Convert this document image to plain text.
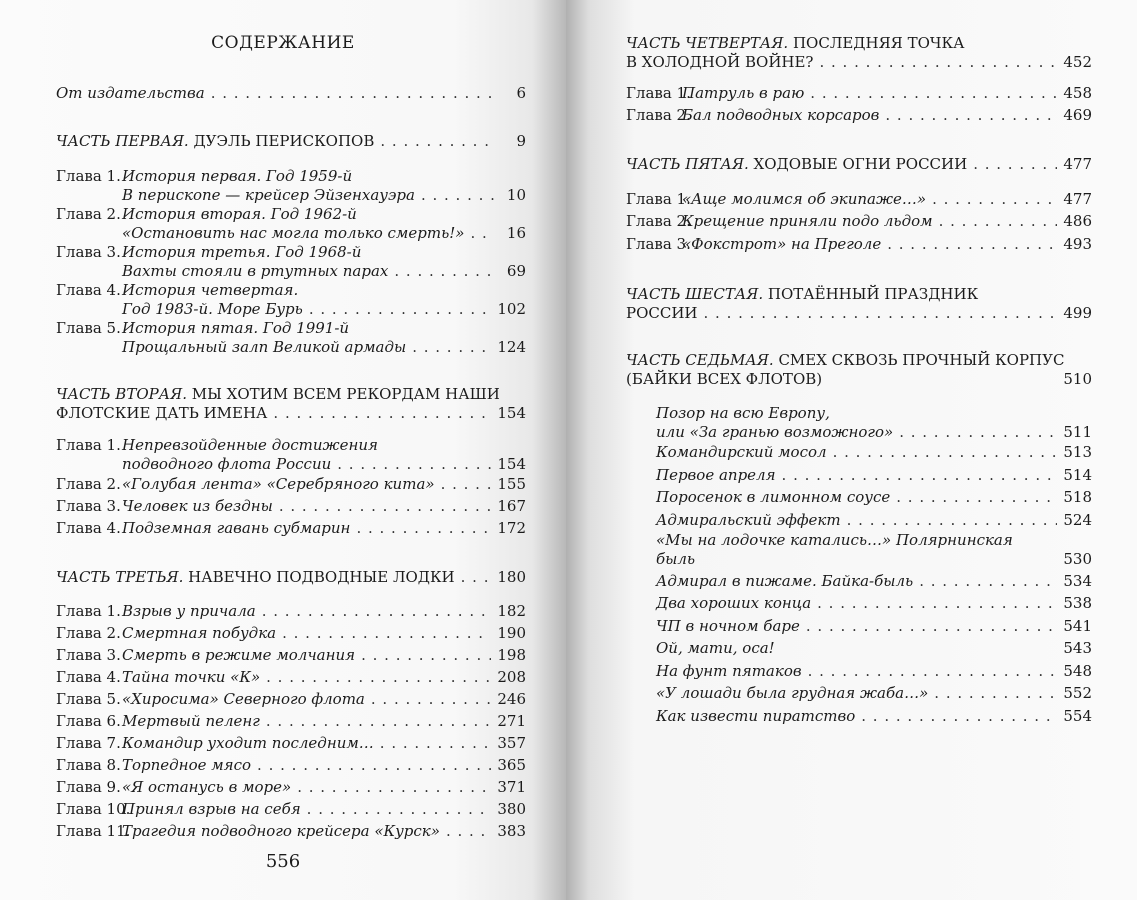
СОДЕРЖАНИЕ
От издательства . . .	6
ЧАСТЬ ПЕРВАЯ. ДУЭЛЬ ПЕРИСКОПОВ . . .	9
Глава 1. История первая. Год 1959-й
В перископе — крейсер Эйзенхауэра . . .	10
Глава 2. История вторая. Год 1962-й
«Остановить нас могла только смерть!» . . .	16
Глава 3. История третья. Год 1968-й
Вахты стояли в ртутных парах . . .	69
Глава 4. История четвертая.
Год 1983-й. Море Бурь . . .	102
Глава 5. История пятая. Год 1991-й
Прощальный залп Великой армады . . .	124
ЧАСТЬ ВТОРАЯ. МЫ ХОТИМ ВСЕМ РЕКОРДАМ НАШИ
ФЛОТСКИЕ ДАТЬ ИМЕНА . . .	154
Глава 1. Непревзойденные достижения
подводного флота России . . .	154
Глава 2. «Голубая лента» «Серебряного кита» . . .	155
Глава 3. Человек из бездны . . .	167
Глава 4. Подземная гавань субмарин . . .	172
ЧАСТЬ ТРЕТЬЯ. НАВЕЧНО ПОДВОДНЫЕ ЛОДКИ . . .	180
Глава 1. Взрыв у причала . . .	182
Глава 2. Смертная побудка . . .	190
Глава 3. Смерть в режиме молчания . . .	198
Глава 4. Тайна точки «К» . . .	208
Глава 5. «Хиросима» Северного флота . . .	246
Глава 6. Мертвый пеленг . . .	271
Глава 7. Командир уходит последним… . . .	357
Глава 8. Торпедное мясо . . .	365
Глава 9. «Я останусь в море» . . .	371
Глава 10.
Принял взрыв на себя . . .	380
Глава 11.
Трагедия подводного крейсера «Курск» . . .	383
556
ЧАСТЬ ЧЕТВЕРТАЯ. ПОСЛЕДНЯЯ ТОЧКА
В ХОЛОДНОЙ ВОЙНЕ? . . .	452
Глава 1.
Патруль в раю . . .	458
Глава 2.
Бал подводных корсаров . . .	469
ЧАСТЬ ПЯТАЯ. ХОДОВЫЕ ОГНИ РОССИИ . . .	477
Глава 1.
«Аще молимся об экипаже…» . . .	477
Глава 2.
Крещение приняли подо льдом . . .	486
Глава 3.
«Фокстрот» на Преголе . . .	493
ЧАСТЬ ШЕСТАЯ. ПОТАЁННЫЙ ПРАЗДНИК
РОССИИ . . .	499
ЧАСТЬ СЕДЬМАЯ. СМЕХ СКВОЗЬ ПРОЧНЫЙ КОРПУС
(БАЙКИ ВСЕХ ФЛОТОВ)	510
Позор на всю Европу,
или «За гранью возможного» . . .	511
Командирский мосол . . .	513
Первое апреля . . .	514
Поросенок в лимонном соусе . . .	518
Адмиральский эффект . . .	524
«Мы на лодочке катались…» Полярнинская
быль	530
Адмирал в пижаме. Байка-быль . . .	534
Два хороших конца . . .	538
ЧП в ночном баре . . .	541
Ой, мати, оса!	543
На фунт пятаков . . .	548
«У лошади была грудная жаба…» . . .	552
Как извести пиратство . . .	554
